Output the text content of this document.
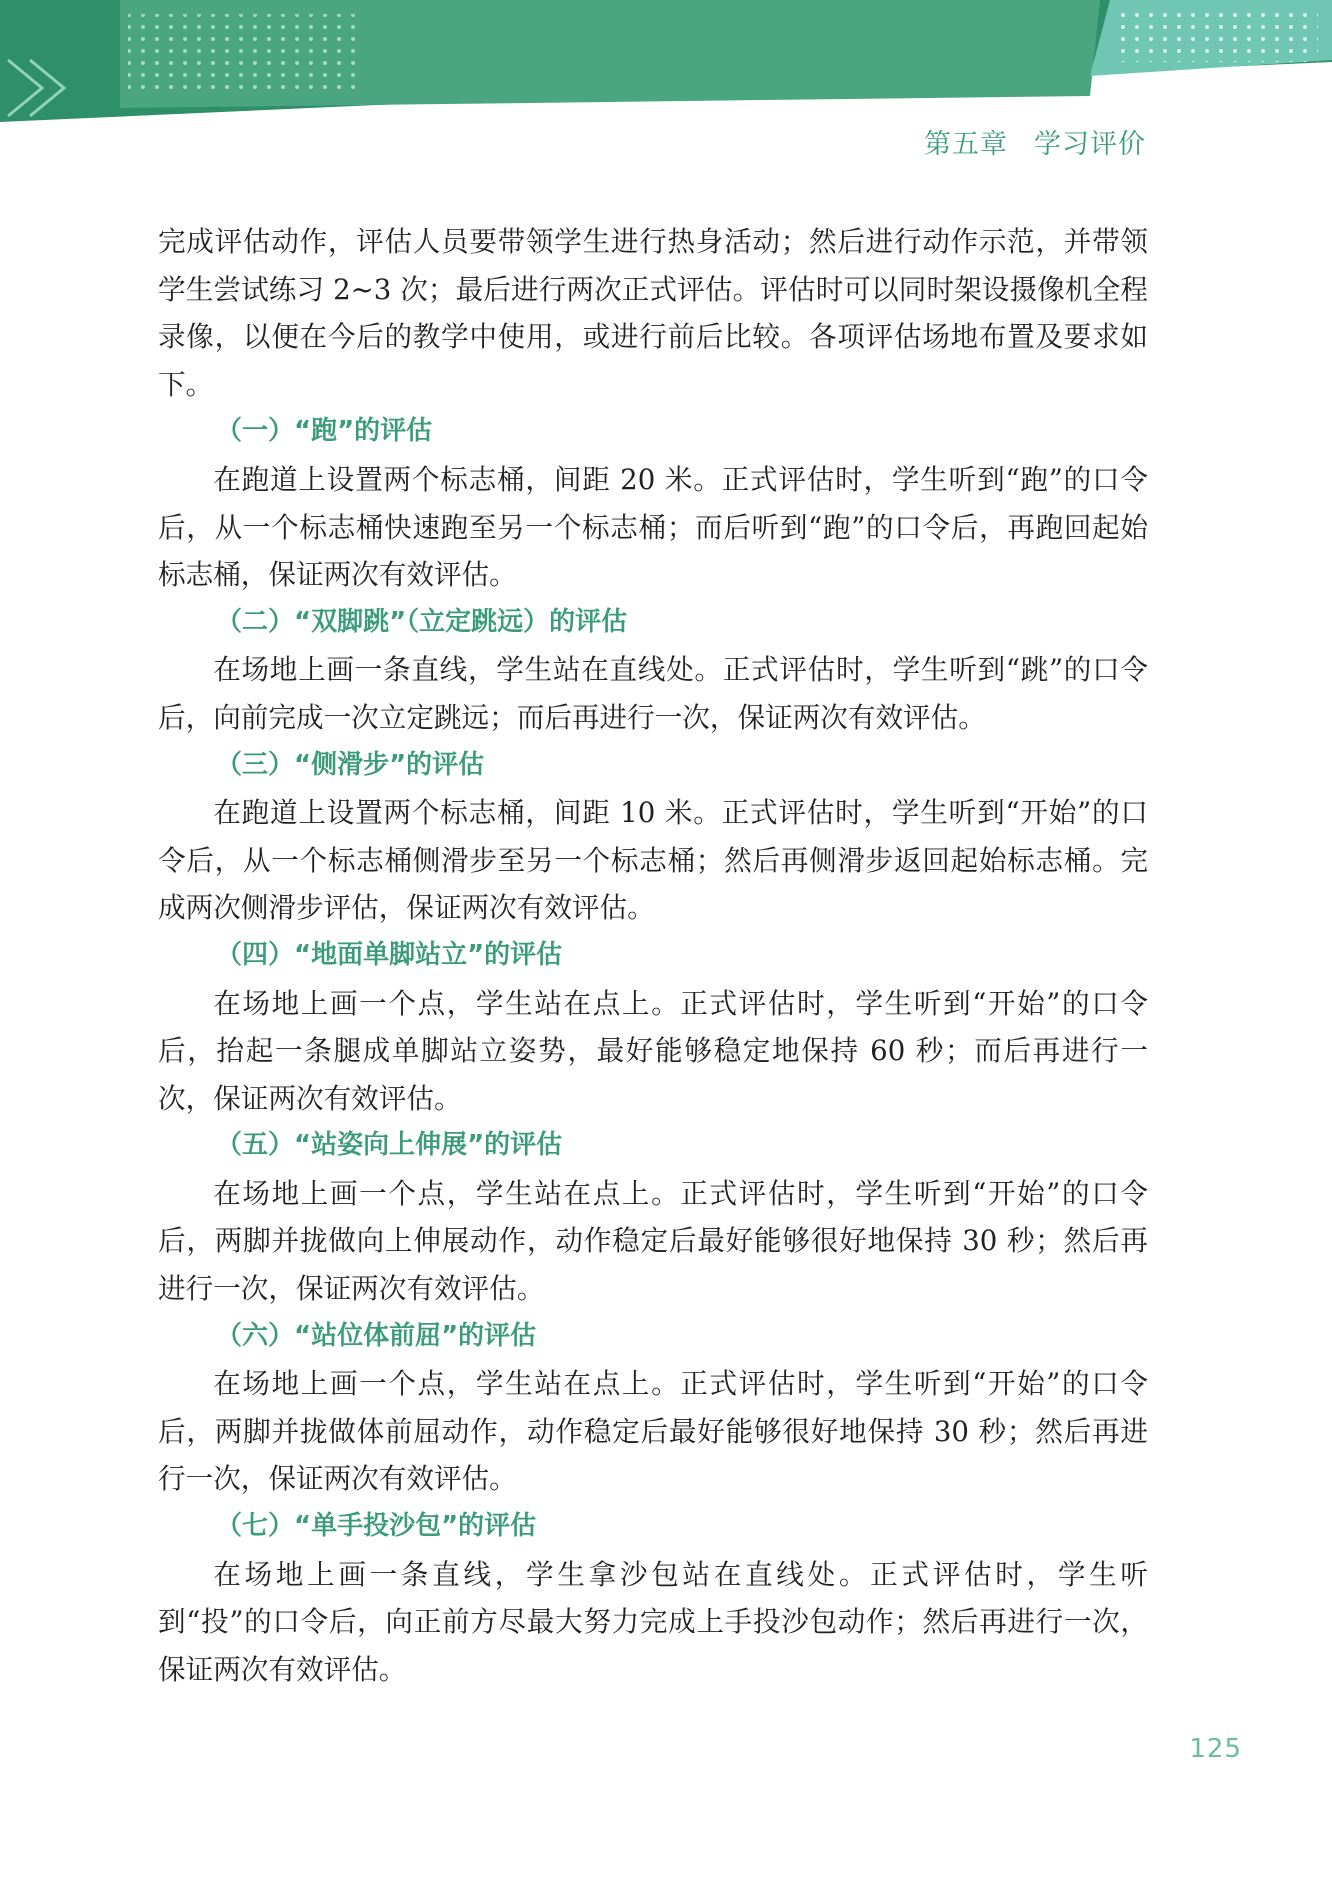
第五章 学习评价

完成评估动作，评估人员要带领学生进行热身活动；然后进行动作示范，并带领学生尝试练习 2~3 次；最后进行两次正式评估。评估时可以同时架设摄像机全程录像，以便在今后的教学中使用，或进行前后比较。各项评估场地布置及要求如下。

（一）“跑”的评估

在跑道上设置两个标志桶，间距 20 米。正式评估时，学生听到“跑”的口令后，从一个标志桶快速跑至另一个标志桶；而后听到“跑”的口令后，再跑回起始标志桶，保证两次有效评估。

（二）“双脚跳”（立定跳远）的评估

在场地上画一条直线，学生站在直线处。正式评估时，学生听到“跳”的口令后，向前完成一次立定跳远；而后再进行一次，保证两次有效评估。

（三）“侧滑步”的评估

在跑道上设置两个标志桶，间距 10 米。正式评估时，学生听到“开始”的口令后，从一个标志桶侧滑步至另一个标志桶；然后再侧滑步返回起始标志桶。完成两次侧滑步评估，保证两次有效评估。

（四）“地面单脚站立”的评估

在场地上画一个点，学生站在点上。正式评估时，学生听到“开始”的口令后，抬起一条腿成单脚站立姿势，最好能够稳定地保持 60 秒；而后再进行一次，保证两次有效评估。

（五）“站姿向上伸展”的评估

在场地上画一个点，学生站在点上。正式评估时，学生听到“开始”的口令后，两脚并拢做向上伸展动作，动作稳定后最好能够很好地保持 30 秒；然后再进行一次，保证两次有效评估。

（六）“站位体前屈”的评估

在场地上画一个点，学生站在点上。正式评估时，学生听到“开始”的口令后，两脚并拢做体前屈动作，动作稳定后最好能够很好地保持 30 秒；然后再进行一次，保证两次有效评估。

（七）“单手投沙包”的评估

在场地上画一条直线，学生拿沙包站在直线处。正式评估时，学生听到“投”的口令后，向正前方尽最大努力完成上手投沙包动作；然后再进行一次，保证两次有效评估。

125
